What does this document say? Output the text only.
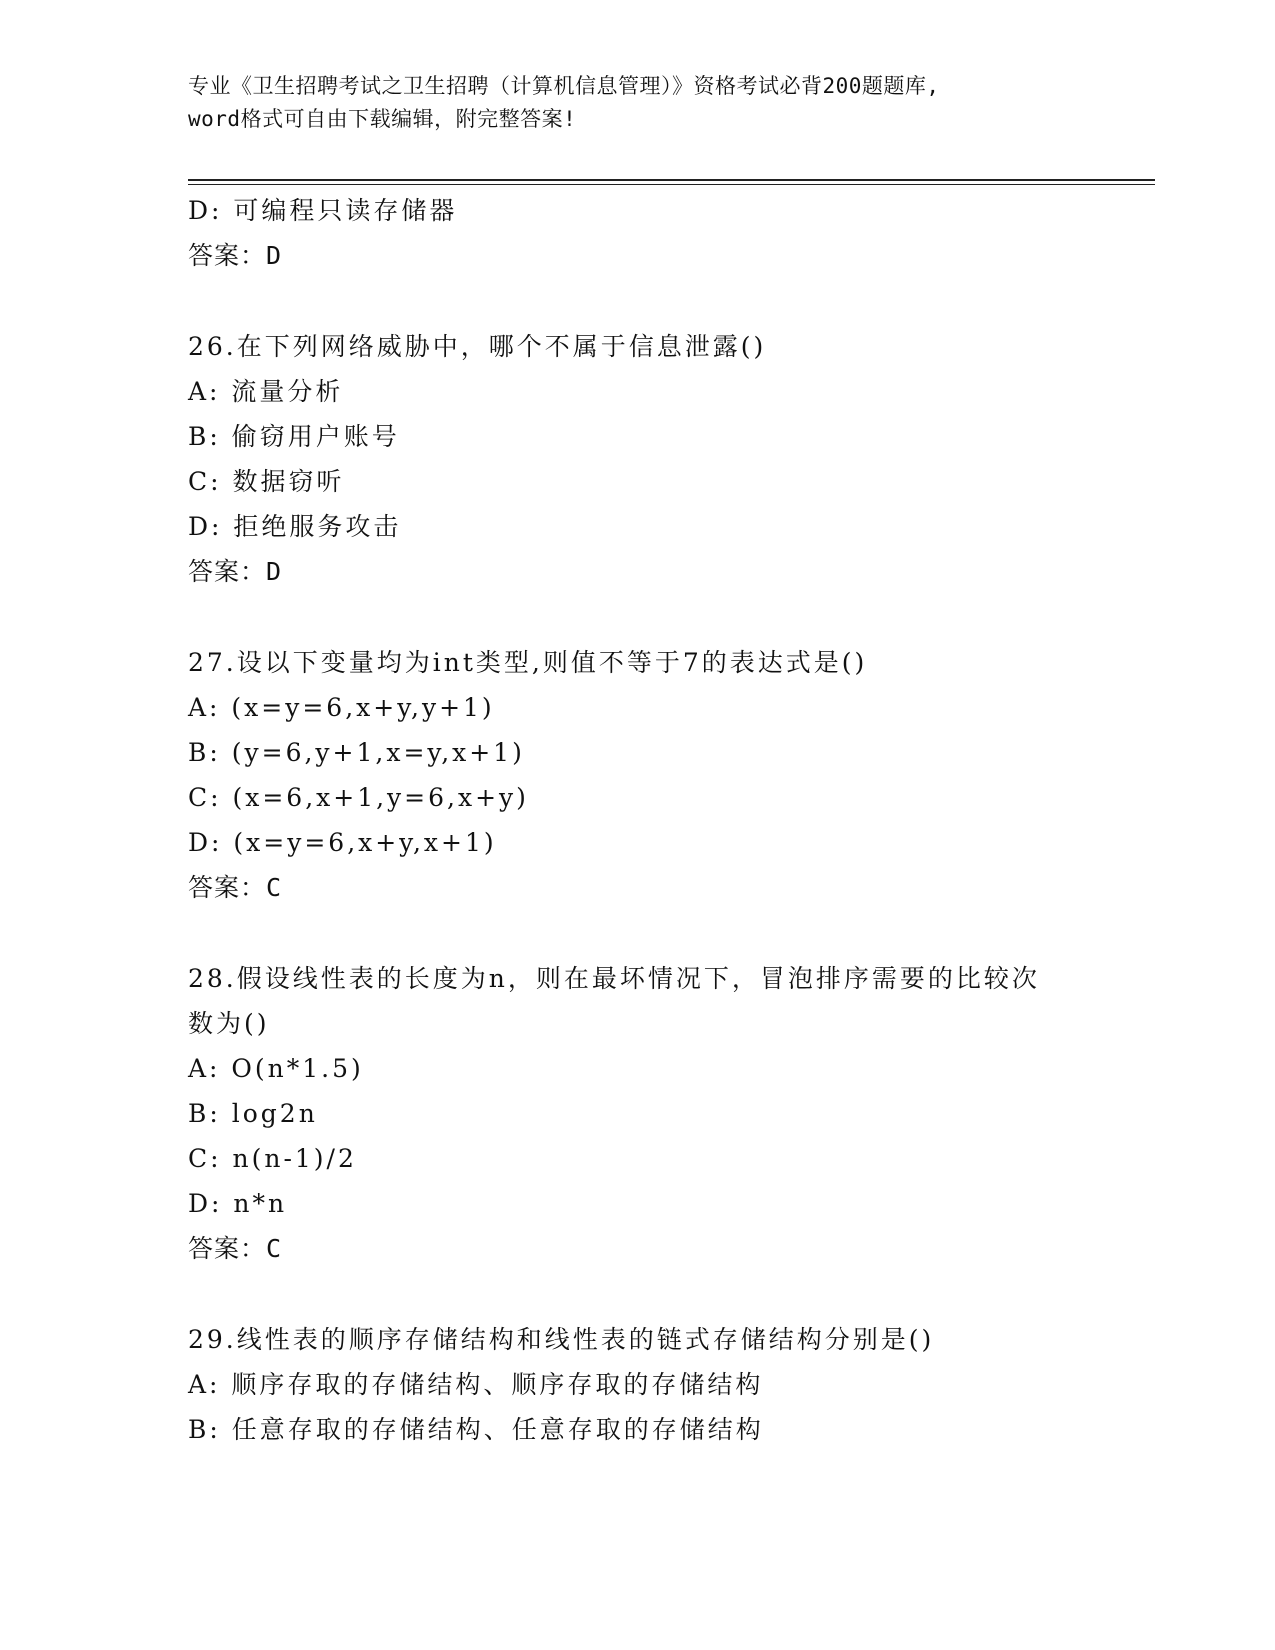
专业《卫生招聘考试之卫生招聘（计算机信息管理）》资格考试必背200题题库,
word格式可自由下载编辑，附完整答案!
D: 可编程只读存储器
答案：D
26.在下列网络威胁中，哪个不属于信息泄露()
A: 流量分析
B: 偷窃用户账号
C: 数据窃听
D: 拒绝服务攻击
答案：D
27.设以下变量均为int类型,则值不等于7的表达式是()
A: (x=y=6,x+y,y+1)
B: (y=6,y+1,x=y,x+1)
C: (x=6,x+1,y=6,x+y)
D: (x=y=6,x+y,x+1)
答案：C
28.假设线性表的长度为n，则在最坏情况下，冒泡排序需要的比较次
数为()
A: O(n*1.5)
B: log2n
C: n(n-1)/2
D: n*n
答案：C
29.线性表的顺序存储结构和线性表的链式存储结构分别是()
A: 顺序存取的存储结构、顺序存取的存储结构
B: 任意存取的存储结构、任意存取的存储结构
